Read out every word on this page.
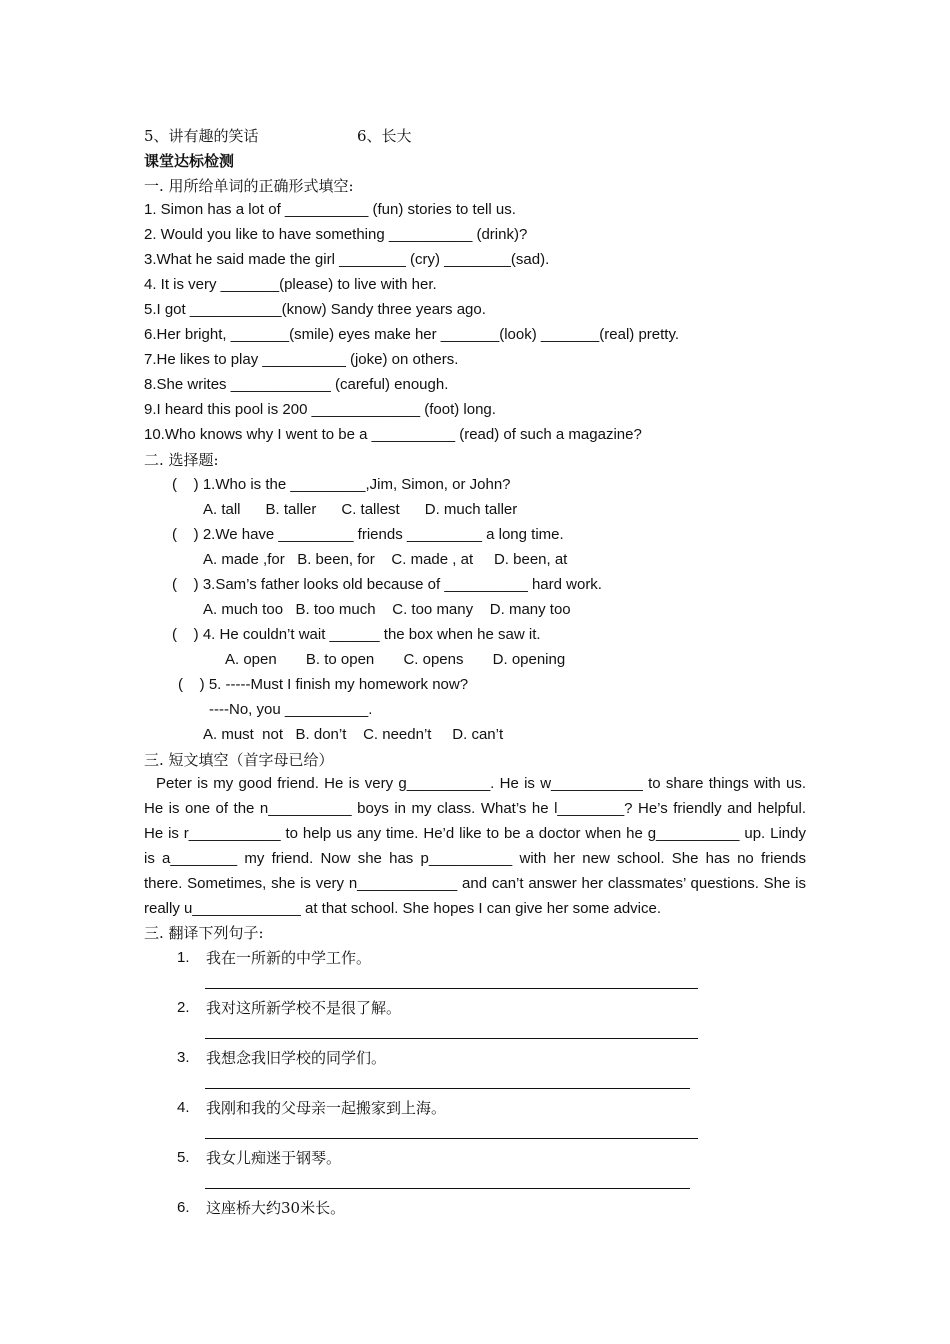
5、讲有趣的笑话	6、长大
课堂达标检测
一. 用所给单词的正确形式填空:
1. Simon has a lot of __________ (fun) stories to tell us.
2. Would you like to have something __________ (drink)?
3.What he said made the girl ________ (cry) ________(sad).
4. It is very _______(please) to live with her.
5.I got ___________(know) Sandy three years ago.
6.Her bright, _______(smile) eyes make her _______(look) _______(real) pretty.
7.He likes to play __________ (joke) on others.
8.She writes ____________ (careful) enough.
9.I heard this pool is 200 _____________ (foot) long.
10.Who knows why I went to be a __________ (read) of such a magazine?
二. 选择题:
(    ) 1.Who is the _________,Jim, Simon, or John?
A. tall      B. taller      C. tallest      D. much taller
(    ) 2.We have _________ friends _________ a long time.
A. made ,for   B. been, for    C. made , at     D. been, at
(    ) 3.Sam’s father looks old because of __________ hard work.
A. much too   B. too much    C. too many    D. many too
(    ) 4. He couldn’t wait ______ the box when he saw it.
A. open       B. to open       C. opens       D. opening
(    ) 5. -----Must I finish my homework now?
----No, you __________.
A. must  not   B. don’t    C. needn’t     D. can’t
三. 短文填空（首字母已给）
Peter is my good friend. He is very g__________. He is w___________ to share things with us.
He is one of the n__________ boys in my class. What’s he l________? He’s friendly and helpful.
He is r___________ to help us any time. He’d like to be a doctor when he g__________ up. Lindy
is a________ my friend. Now she has p__________ with her new school. She has no friends
there. Sometimes, she is very n____________ and can’t answer her classmates’ questions. She is
really u_____________ at that school. She hopes I can give her some advice.
三. 翻译下列句子:
1. 我在一所新的中学工作。
2. 我对这所新学校不是很了解。
3. 我想念我旧学校的同学们。
4. 我刚和我的父母亲一起搬家到上海。
5. 我女儿痴迷于钢琴。
6. 这座桥大约30米长。
